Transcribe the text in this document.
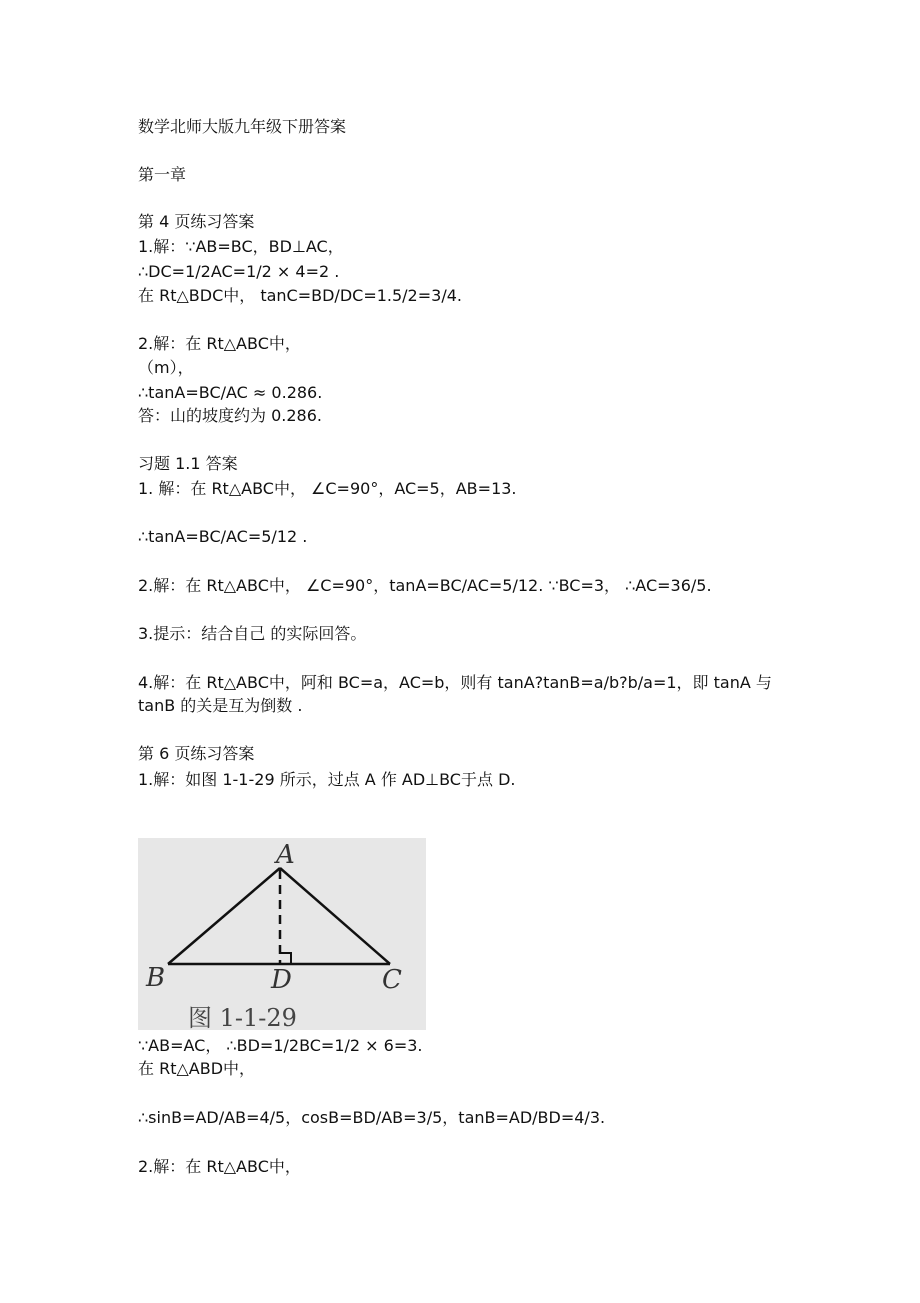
数学北师大版九年级下册答案
第一章
第 4 页练习答案
1.解：∵AB=BC，BD⊥AC，
∴DC=1/2AC=1/2 × 4=2 .
在 Rt△BDC中， tanC=BD/DC=1.5/2=3/4.
2.解：在 Rt△ABC中，
（m），
∴tanA=BC/AC ≈ 0.286.
答：山的坡度约为 0.286.
习题 1.1 答案
1. 解：在 Rt△ABC中， ∠C=90°，AC=5，AB=13.
∴tanA=BC/AC=5/12 .
2.解：在 Rt△ABC中， ∠C=90°，tanA=BC/AC=5/12. ∵BC=3， ∴AC=36/5.
3.提示：结合自己 的实际回答。
4.解：在 Rt△ABC中，阿和 BC=a，AC=b，则有 tanA?tanB=a/b?b/a=1，即 tanA 与
tanB 的关是互为倒数 .
第 6 页练习答案
1.解：如图 1-1-29 所示，过点 A 作 AD⊥BC于点 D.
A
B	C
D
图 1-1-29
∵AB=AC， ∴BD=1/2BC=1/2 × 6=3.
在 Rt△ABD中，
∴sinB=AD/AB=4/5，cosB=BD/AB=3/5，tanB=AD/BD=4/3.
2.解：在 Rt△ABC中，
